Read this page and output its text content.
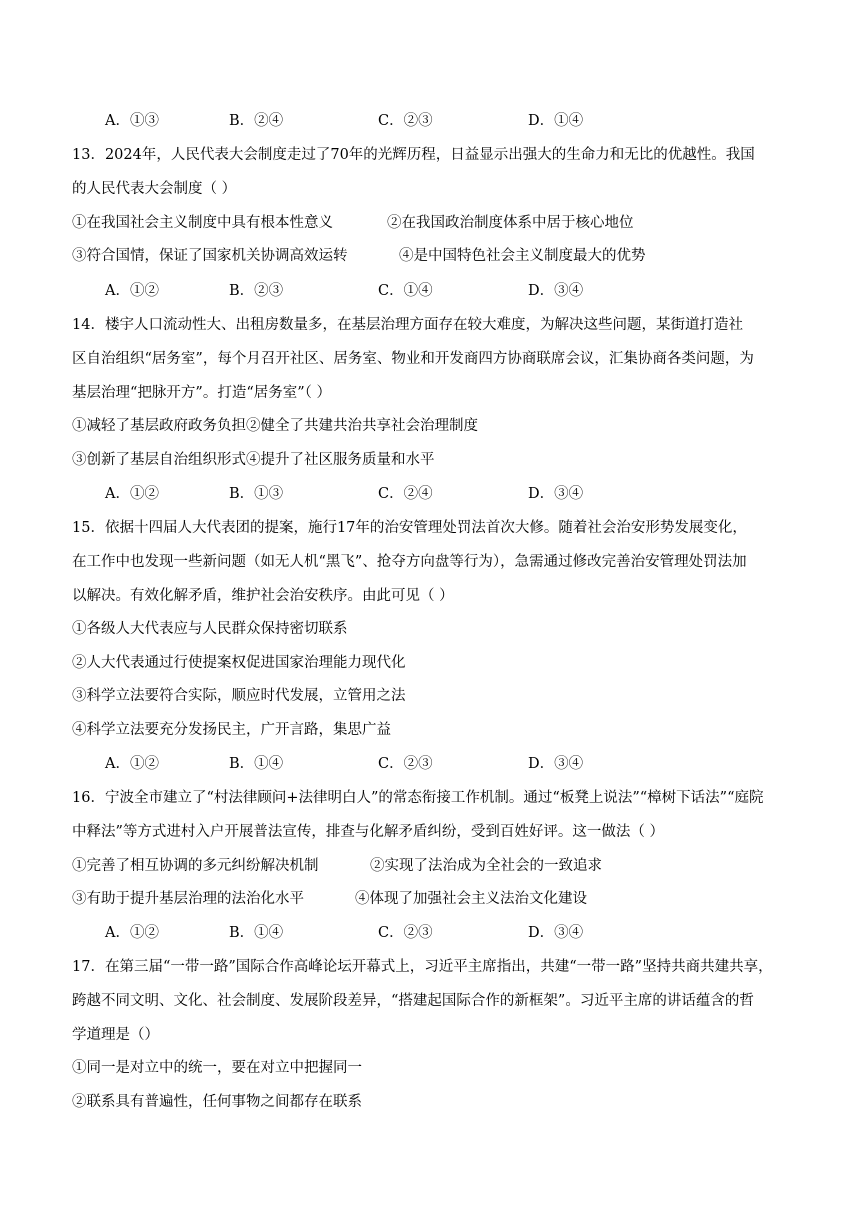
A．①③	B．②④	C．②③	D．①④
13．2024年，人民代表大会制度走过了70年的光辉历程，日益显示出强大的生命力和无比的优越性。我国
的人民代表大会制度（ ）
①在我国社会主义制度中具有根本性意义	②在我国政治制度体系中居于核心地位
③符合国情，保证了国家机关协调高效运转	④是中国特色社会主义制度最大的优势
A．①②	B．②③	C．①④	D．③④
14．楼宇人口流动性大、出租房数量多，在基层治理方面存在较大难度，为解决这些问题，某街道打造社
区自治组织“居务室”，每个月召开社区、居务室、物业和开发商四方协商联席会议，汇集协商各类问题，为
基层治理“把脉开方”。打造“居务室”（ ）
①减轻了基层政府政务负担②健全了共建共治共享社会治理制度
③创新了基层自治组织形式④提升了社区服务质量和水平
A．①②	B．①③	C．②④	D．③④
15．依据十四届人大代表团的提案，施行17年的治安管理处罚法首次大修。随着社会治安形势发展变化，
在工作中也发现一些新问题（如无人机“黑飞”、抢夺方向盘等行为），急需通过修改完善治安管理处罚法加
以解决。有效化解矛盾，维护社会治安秩序。由此可见（ ）
①各级人大代表应与人民群众保持密切联系
②人大代表通过行使提案权促进国家治理能力现代化
③科学立法要符合实际，顺应时代发展，立管用之法
④科学立法要充分发扬民主，广开言路，集思广益
A．①②	B．①④	C．②③	D．③④
16．宁波全市建立了“村法律顾问+法律明白人”的常态衔接工作机制。通过“板凳上说法”“樟树下话法”“庭院
中释法”等方式进村入户开展普法宣传，排查与化解矛盾纠纷，受到百姓好评。这一做法（ ）
①完善了相互协调的多元纠纷解决机制	②实现了法治成为全社会的一致追求
③有助于提升基层治理的法治化水平	④体现了加强社会主义法治文化建设
A．①②	B．①④	C．②③	D．③④
17．在第三届“一带一路”国际合作高峰论坛开幕式上，习近平主席指出，共建“一带一路”坚持共商共建共享，
跨越不同文明、文化、社会制度、发展阶段差异，“搭建起国际合作的新框架”。习近平主席的讲话蕴含的哲
学道理是（）
①同一是对立中的统一，要在对立中把握同一
②联系具有普遍性，任何事物之间都存在联系
